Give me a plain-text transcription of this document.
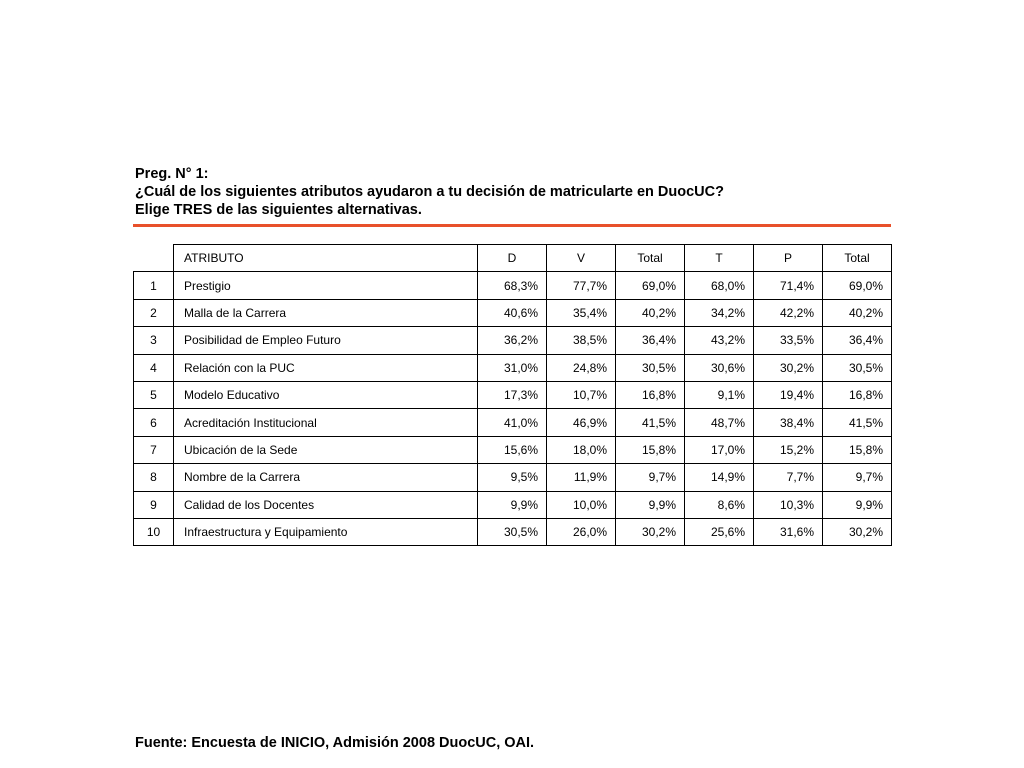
Preg. N° 1:
¿Cuál de los siguientes atributos ayudaron a tu decisión de matricularte en DuocUC?
Elige TRES de las siguientes alternativas.
	ATRIBUTO	D	V	Total	T	P	Total
1	Prestigio	68,3%	77,7%	69,0%	68,0%	71,4%	69,0%
2	Malla de la Carrera	40,6%	35,4%	40,2%	34,2%	42,2%	40,2%
3	Posibilidad de Empleo Futuro	36,2%	38,5%	36,4%	43,2%	33,5%	36,4%
4	Relación con la PUC	31,0%	24,8%	30,5%	30,6%	30,2%	30,5%
5	Modelo Educativo	17,3%	10,7%	16,8%	9,1%	19,4%	16,8%
6	Acreditación Institucional	41,0%	46,9%	41,5%	48,7%	38,4%	41,5%
7	Ubicación de la Sede	15,6%	18,0%	15,8%	17,0%	15,2%	15,8%
8	Nombre de la Carrera	9,5%	11,9%	9,7%	14,9%	7,7%	9,7%
9	Calidad de los Docentes	9,9%	10,0%	9,9%	8,6%	10,3%	9,9%
10	Infraestructura y Equipamiento	30,5%	26,0%	30,2%	25,6%	31,6%	30,2%
Fuente: Encuesta de INICIO, Admisión 2008 DuocUC, OAI.
